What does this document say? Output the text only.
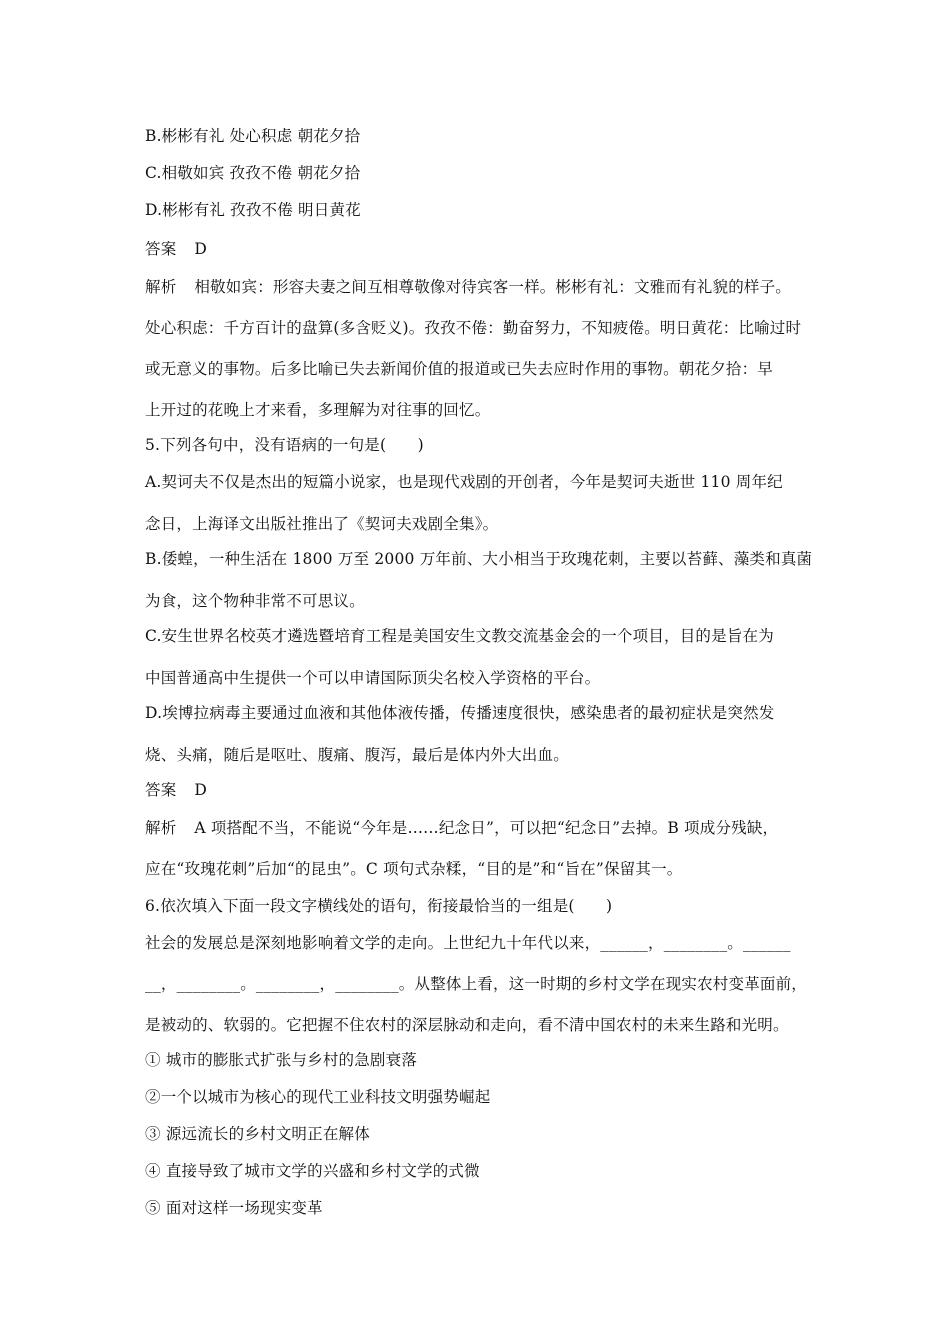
B.彬彬有礼 处心积虑 朝花夕拾
C.相敬如宾 孜孜不倦 朝花夕拾
D.彬彬有礼 孜孜不倦 明日黄花
答案 D
解析 相敬如宾：形容夫妻之间互相尊敬像对待宾客一样。彬彬有礼：文雅而有礼貌的样子。
处心积虑：千方百计的盘算(多含贬义)。孜孜不倦：勤奋努力，不知疲倦。明日黄花：比喻过时
或无意义的事物。后多比喻已失去新闻价值的报道或已失去应时作用的事物。朝花夕拾：早
上开过的花晚上才来看，多理解为对往事的回忆。
5.下列各句中，没有语病的一句是(　　)
A.契诃夫不仅是杰出的短篇小说家，也是现代戏剧的开创者，今年是契诃夫逝世 110 周年纪
念日，上海译文出版社推出了《契诃夫戏剧全集》。
B.倭蝗，一种生活在 1800 万至 2000 万年前、大小相当于玫瑰花刺，主要以苔藓、藻类和真菌
为食，这个物种非常不可思议。
C.安生世界名校英才遴选暨培育工程是美国安生文教交流基金会的一个项目，目的是旨在为
中国普通高中生提供一个可以申请国际顶尖名校入学资格的平台。
D.埃博拉病毒主要通过血液和其他体液传播，传播速度很快，感染患者的最初症状是突然发
烧、头痛，随后是呕吐、腹痛、腹泻，最后是体内外大出血。
答案 D
解析 A 项搭配不当，不能说“今年是……纪念日”，可以把“纪念日”去掉。B 项成分残缺，
应在“玫瑰花刺”后加“的昆虫”。C 项句式杂糅，“目的是”和“旨在”保留其一。
6.依次填入下面一段文字横线处的语句，衔接最恰当的一组是(　　)
社会的发展总是深刻地影响着文学的走向。上世纪九十年代以来，______，________。______
__，________。________，________。从整体上看，这一时期的乡村文学在现实农村变革面前，
是被动的、软弱的。它把握不住农村的深层脉动和走向，看不清中国农村的未来生路和光明。
① 城市的膨胀式扩张与乡村的急剧衰落
②一个以城市为核心的现代工业科技文明强势崛起
③ 源远流长的乡村文明正在解体
④ 直接导致了城市文学的兴盛和乡村文学的式微
⑤ 面对这样一场现实变革
